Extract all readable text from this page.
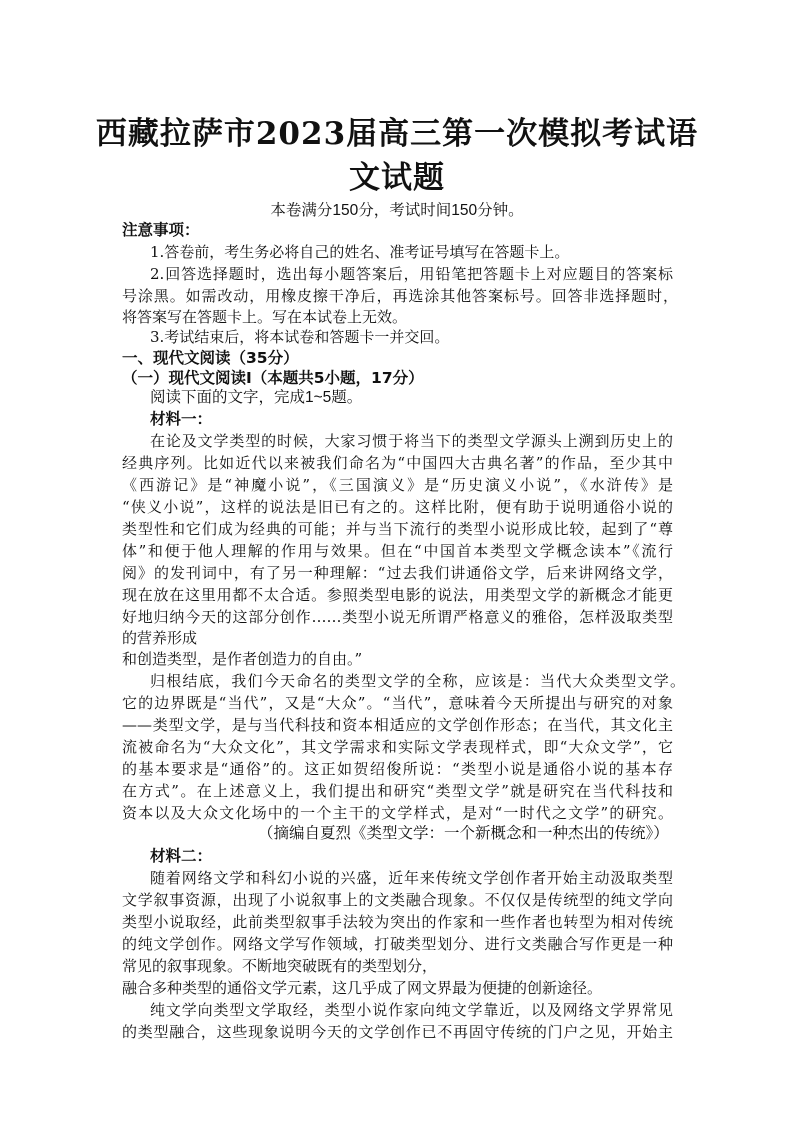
西藏拉萨市2023届高三第一次模拟考试语
文试题
本卷满分150分，考试时间150分钟。
注意事项：
1.答卷前，考生务必将自己的姓名、准考证号填写在答题卡上。
2.回答选择题时，选出每小题答案后，用铅笔把答题卡上对应题目的答案标
号涂黑。如需改动，用橡皮擦干净后，再选涂其他答案标号。回答非选择题时，
将答案写在答题卡上。写在本试卷上无效。
3.考试结束后，将本试卷和答题卡一并交回。
一、现代文阅读（35分）
（一）现代文阅读Ⅰ（本题共5小题，17分）
阅读下面的文字，完成1~5题。
材料一：
在论及文学类型的时候，大家习惯于将当下的类型文学源头上溯到历史上的
经典序列。比如近代以来被我们命名为“中国四大古典名著”的作品，至少其中
《西游记》是“神魔小说”，《三国演义》是“历史演义小说”，《水浒传》是
“侠义小说”，这样的说法是旧已有之的。这样比附，便有助于说明通俗小说的
类型性和它们成为经典的可能；并与当下流行的类型小说形成比较，起到了“尊
体”和便于他人理解的作用与效果。但在“中国首本类型文学概念读本”《流行
阅》的发刊词中，有了另一种理解：“过去我们讲通俗文学，后来讲网络文学，
现在放在这里用都不太合适。参照类型电影的说法，用类型文学的新概念才能更
好地归纳今天的这部分创作……类型小说无所谓严格意义的雅俗，怎样汲取类型
的营养形成
和创造类型，是作者创造力的自由。”
归根结底，我们今天命名的类型文学的全称，应该是：当代大众类型文学。
它的边界既是“当代”，又是“大众”。“当代”，意味着今天所提出与研究的对象
——类型文学，是与当代科技和资本相适应的文学创作形态；在当代，其文化主
流被命名为“大众文化”，其文学需求和实际文学表现样式，即“大众文学”，它
的基本要求是“通俗”的。这正如贺绍俊所说：“类型小说是通俗小说的基本存
在方式”。在上述意义上，我们提出和研究“类型文学”就是研究在当代科技和
资本以及大众文化场中的一个主干的文学样式，是对“一时代之文学”的研究。
（摘编自夏烈《类型文学：一个新概念和一种杰出的传统》）
材料二：
随着网络文学和科幻小说的兴盛，近年来传统文学创作者开始主动汲取类型
文学叙事资源，出现了小说叙事上的文类融合现象。不仅仅是传统型的纯文学向
类型小说取经，此前类型叙事手法较为突出的作家和一些作者也转型为相对传统
的纯文学创作。网络文学写作领域，打破类型划分、进行文类融合写作更是一种
常见的叙事现象。不断地突破既有的类型划分，
融合多种类型的通俗文学元素，这几乎成了网文界最为便捷的创新途径。
纯文学向类型文学取经，类型小说作家向纯文学靠近，以及网络文学界常见
的类型融合，这些现象说明今天的文学创作已不再固守传统的门户之见，开始主
